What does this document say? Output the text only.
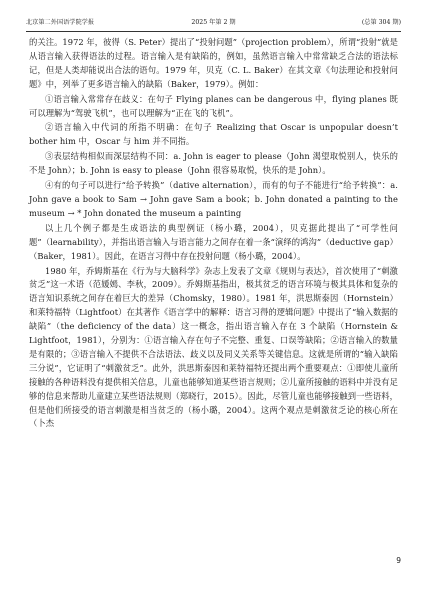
北京第二外国语学院学报	2025 年第 2 期	(总第 304 期)

的关注。1972 年，彼得（S. Peter）提出了“投射问题”（projection problem），所谓“投射”就是从语言输入获得语法的过程。语言输入是有缺陷的，例如，虽然语言输入中常常缺乏合法的语法标记，但是人类却能说出合法的语句。1979 年，贝克（C. L. Baker）在其文章《句法理论和投射问题》中，列举了更多语言输入的缺陷（Baker，1979）。例如：

①语言输入常常存在歧义：在句子 Flying planes can be dangerous 中，flying planes 既可以理解为“驾驶飞机”，也可以理解为“正在飞的飞机”。

②语言输入中代词的所指不明确：在句子 Realizing that Oscar is unpopular doesn’t bother him 中，Oscar 与 him 并不同指。

③表层结构相似而深层结构不同：a. John is eager to please（John 渴望取悦别人，快乐的不是 John）；b. John is easy to please（John 很容易取悦，快乐的是 John）。

④有的句子可以进行“给予转换”（dative alternation），而有的句子不能进行“给予转换”：a. John gave a book to Sam → John gave Sam a book；b. John donated a painting to the museum → * John donated the museum a painting

以上几个例子都是生成语法的典型例证（杨小璐，2004），贝克据此提出了“可学性问题”（learnability），并指出语言输入与语言能力之间存在着一条“演绎的鸿沟”（deductive gap）（Baker，1981）。因此，在语言习得中存在投射问题（杨小璐，2004）。

1980 年，乔姆斯基在《行为与大脑科学》杂志上发表了文章《规则与表达》，首次使用了“刺激贫乏”这一术语（范媛嫣、李秋，2009）。乔姆斯基指出，极其贫乏的语言环境与极其具体和复杂的语言知识系统之间存在着巨大的差异（Chomsky，1980）。1981 年，洪思斯泰因（Hornstein）和莱特福特（Lightfoot）在其著作《语言学中的解释：语言习得的逻辑问题》中提出了“输入数据的缺陷”（the deficiency of the data）这一概念，指出语言输入存在 3 个缺陷（Hornstein & Lightfoot，1981），分别为：①语言输入存在句子不完整、重复、口误等缺陷；②语言输入的数量是有限的；③语言输入不提供不合法语法、歧义以及同义关系等关键信息。这就是所谓的“输入缺陷三分说”，它证明了“刺激贫乏”。此外，洪思斯泰因和莱特福特还提出两个重要观点：①即使儿童所接触的各种语料没有提供相关信息，儿童也能够知道某些语言规则；②儿童所接触的语料中并没有足够的信息来帮助儿童建立某些语法规则（郑晓行，2015）。因此，尽管儿童也能够接触到一些语料，但是他们所接受的语言刺激是相当贫乏的（杨小璐，2004）。这两个观点是刺激贫乏论的核心所在（卜杰

9
